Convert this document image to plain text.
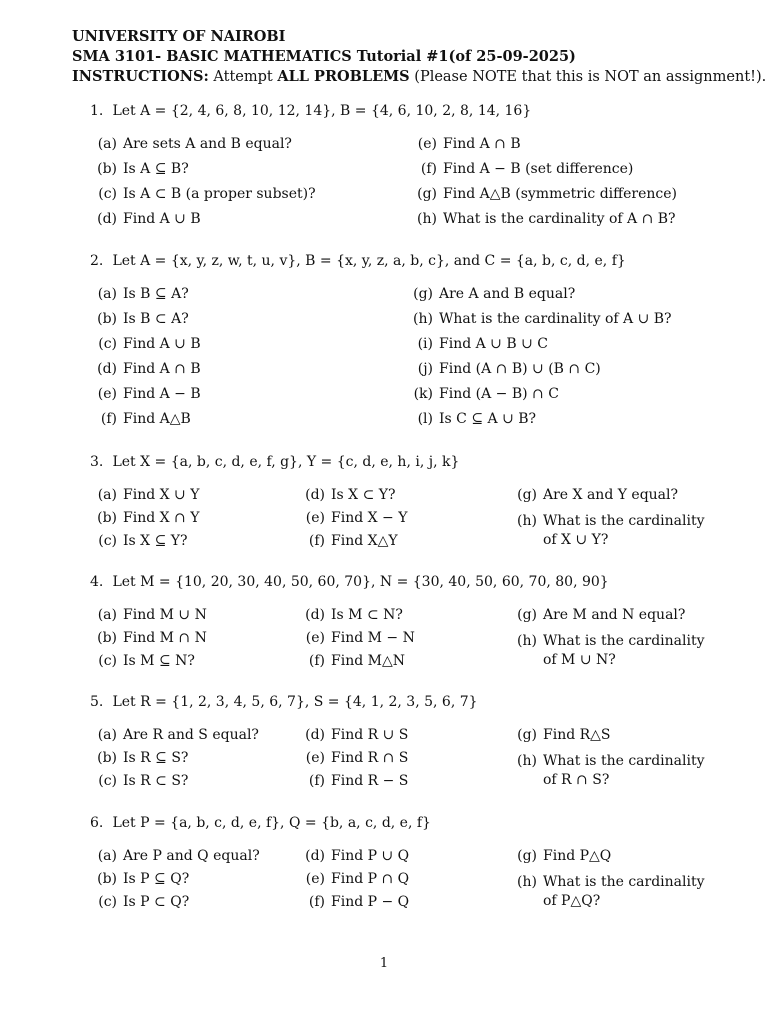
UNIVERSITY OF NAIROBI
SMA 3101- BASIC MATHEMATICS Tutorial #1(of 25-09-2025)
INSTRUCTIONS: Attempt ALL PROBLEMS (Please NOTE that this is NOT an assignment!).
1. Let A = {2, 4, 6, 8, 10, 12, 14}, B = {4, 6, 10, 2, 8, 14, 16}
(a) Are sets A and B equal?
(b) Is A ⊆ B?
(c) Is A ⊂ B (a proper subset)?
(d) Find A ∪ B
(e) Find A ∩ B
(f) Find A − B (set difference)
(g) Find A△B (symmetric difference)
(h) What is the cardinality of A ∩ B?
2. Let A = {x, y, z, w, t, u, v}, B = {x, y, z, a, b, c}, and C = {a, b, c, d, e, f}
(a) Is B ⊆ A?
(b) Is B ⊂ A?
(c) Find A ∪ B
(d) Find A ∩ B
(e) Find A − B
(f) Find A△B
(g) Are A and B equal?
(h) What is the cardinality of A ∪ B?
(i) Find A ∪ B ∪ C
(j) Find (A ∩ B) ∪ (B ∩ C)
(k) Find (A − B) ∩ C
(l) Is C ⊆ A ∪ B?
3. Let X = {a, b, c, d, e, f, g}, Y = {c, d, e, h, i, j, k}
(a) Find X ∪ Y
(b) Find X ∩ Y
(c) Is X ⊆ Y?
(d) Is X ⊂ Y?
(e) Find X − Y
(f) Find X△Y
(g) Are X and Y equal?
(h) What is the cardinality of X ∪ Y?
4. Let M = {10, 20, 30, 40, 50, 60, 70}, N = {30, 40, 50, 60, 70, 80, 90}
(a) Find M ∪ N
(b) Find M ∩ N
(c) Is M ⊆ N?
(d) Is M ⊂ N?
(e) Find M − N
(f) Find M△N
(g) Are M and N equal?
(h) What is the cardinality of M ∪ N?
5. Let R = {1, 2, 3, 4, 5, 6, 7}, S = {4, 1, 2, 3, 5, 6, 7}
(a) Are R and S equal?
(b) Is R ⊆ S?
(c) Is R ⊂ S?
(d) Find R ∪ S
(e) Find R ∩ S
(f) Find R − S
(g) Find R△S
(h) What is the cardinality of R ∩ S?
6. Let P = {a, b, c, d, e, f}, Q = {b, a, c, d, e, f}
(a) Are P and Q equal?
(b) Is P ⊆ Q?
(c) Is P ⊂ Q?
(d) Find P ∪ Q
(e) Find P ∩ Q
(f) Find P − Q
(g) Find P△Q
(h) What is the cardinality of P△Q?
1
